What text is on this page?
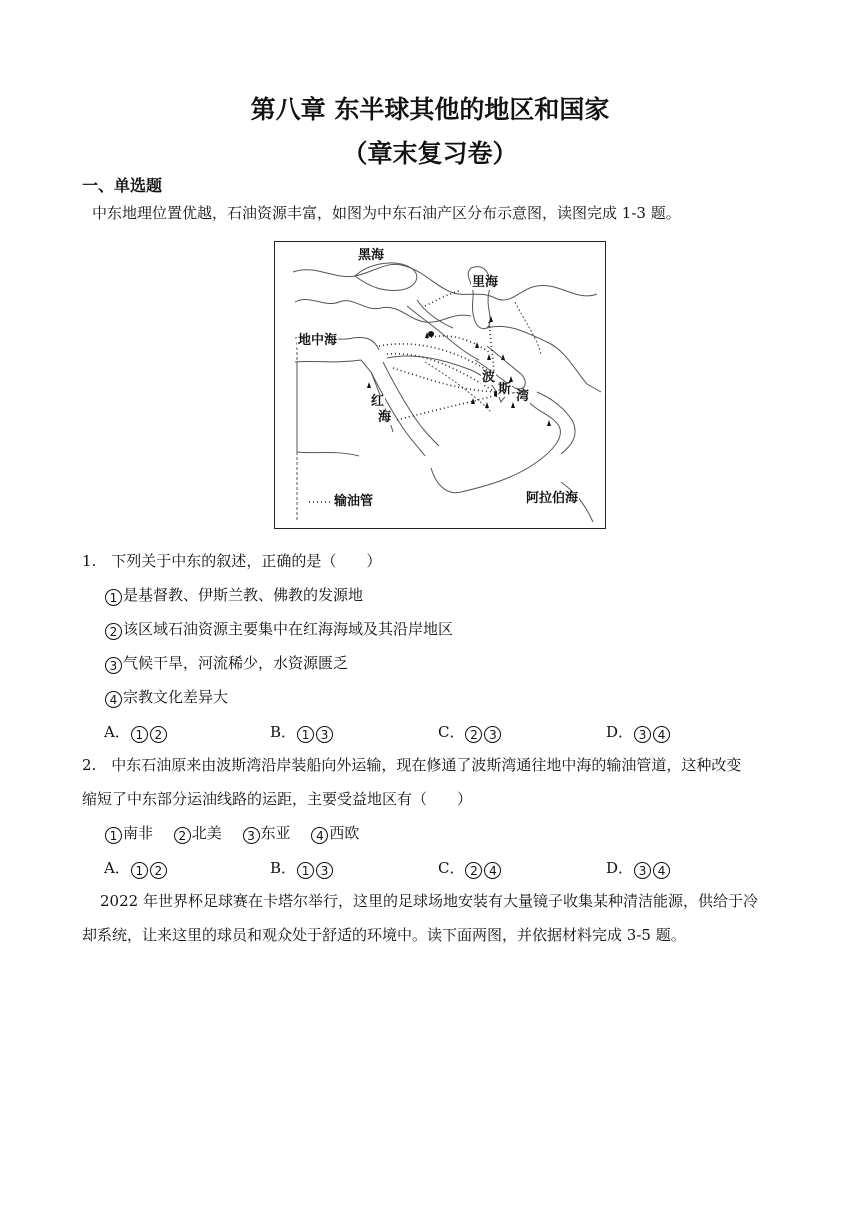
第八章 东半球其他的地区和国家
（章末复习卷）
一、单选题
中东地理位置优越，石油资源丰富，如图为中东石油产区分布示意图，读图完成 1-3 题。
黑海
里海
地中海
红
海
波
斯 湾
阿拉伯海
输油管
1.　下列关于中东的叙述，正确的是（　　）
1 是基督教、伊斯兰教、佛教的发源地
2 该区域石油资源主要集中在红海海域及其沿岸地区
3 气候干旱，河流稀少，水资源匮乏
4 宗教文化差异大
A． 1 2	B． 1 3	C． 2 3	D． 3 4
2.　中东石油原来由波斯湾沿岸装船向外运输，现在修通了波斯湾通往地中海的输油管道，这种改变
缩短了中东部分运油线路的运距，主要受益地区有（　　）
1 南非　 2 北美　 3 东亚　 4 西欧
A． 1 2	B． 1 3	C． 2 4	D． 3 4
2022 年世界杯足球赛在卡塔尔举行，这里的足球场地安装有大量镜子收集某种清洁能源，供给于冷
却系统，让来这里的球员和观众处于舒适的环境中。读下面两图，并依据材料完成 3-5 题。
